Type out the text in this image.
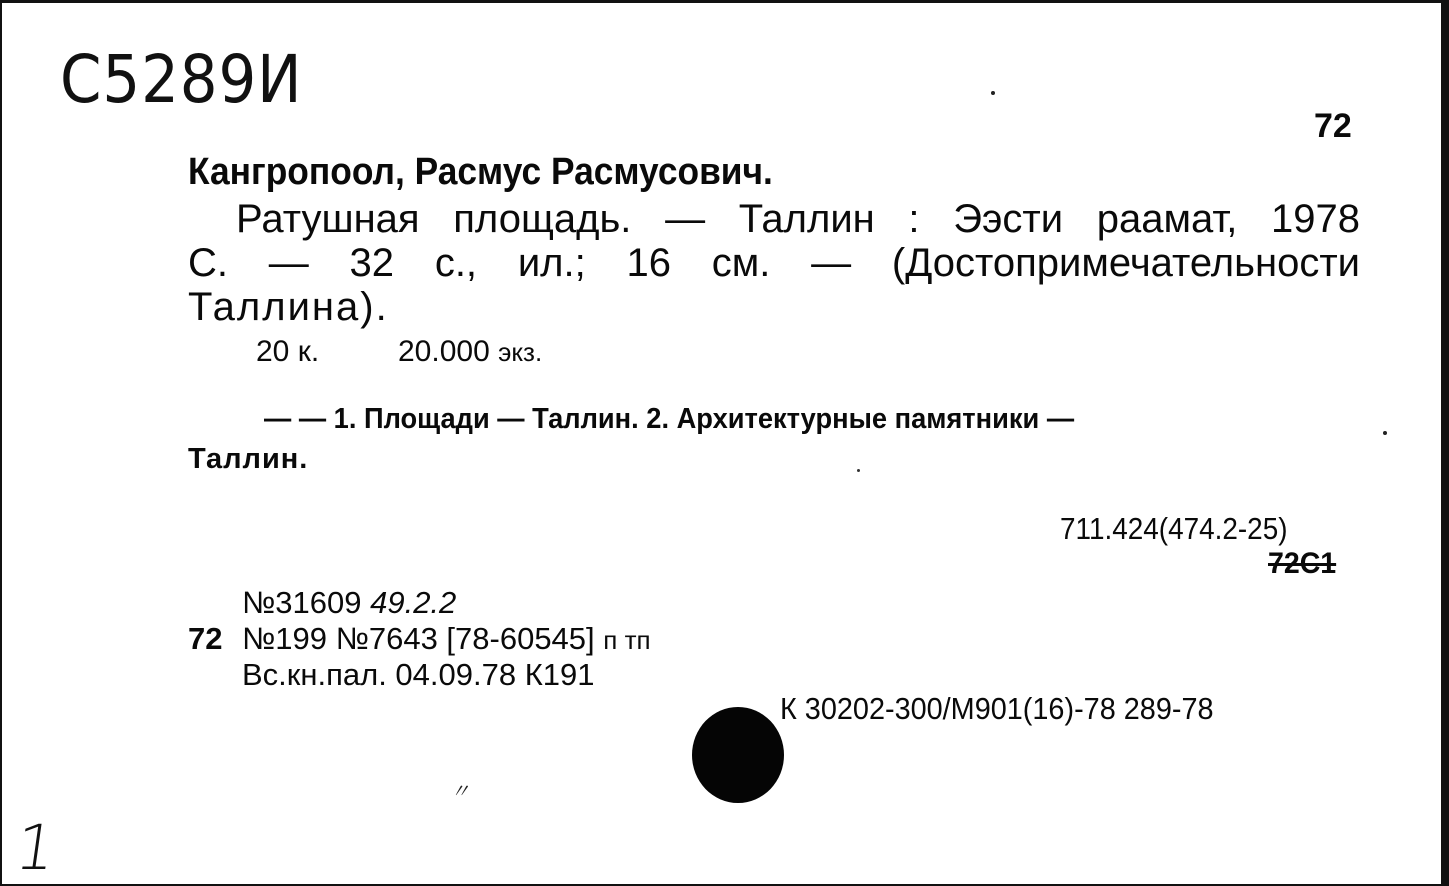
С5289И
72
Кангропоол, Расмус Расмусович.
Ратушная площадь. — Таллин : Ээсти раамат, 1978
С. — 32 с., ил.; 16 см. — (Достопримечательности
Таллина).
20 к.	20.000 экз.
— — 1. Площади — Таллин. 2. Архитектурные памятники —
Таллин.
711.424(474.2-25)
72С1
№31609 49.2.2
72 №199 №7643 [78-60545] п тп
Вс.кн.пал. 04.09.78 К191
К 30202-300/М901(16)-78 289-78
〃
1
